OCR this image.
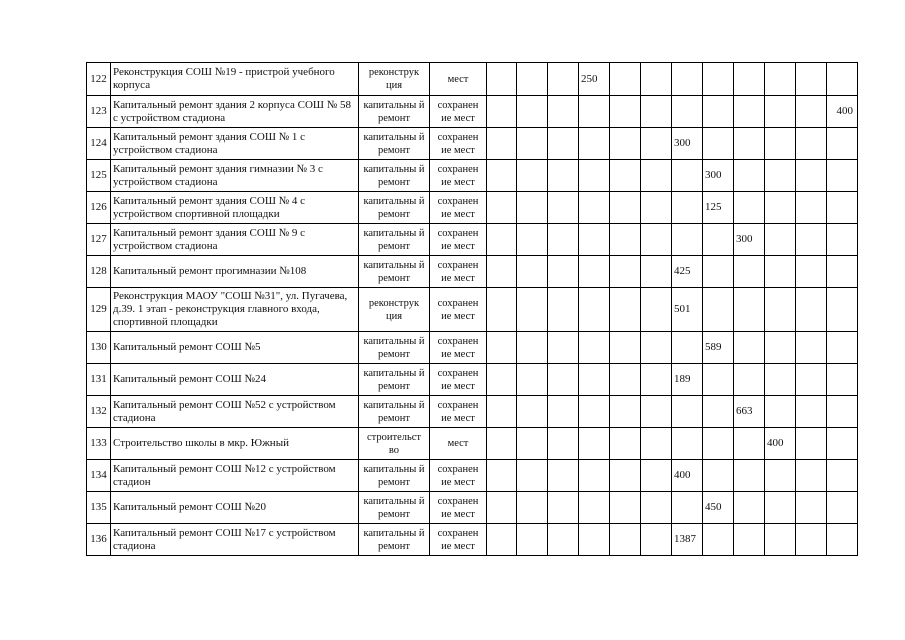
122	Реконструкция СОШ №19 - пристрой учебного корпуса	реконструк ция	мест				250								
123	Капитальный ремонт здания 2 корпуса СОШ № 58 с устройством стадиона	капитальны й ремонт	сохранен ие мест												400
124	Капитальный ремонт здания СОШ № 1 с устройством стадиона	капитальны й ремонт	сохранен ие мест							300					
125	Капитальный ремонт здания гимназии № 3 с устройством стадиона	капитальны й ремонт	сохранен ие мест								300				
126	Капитальный ремонт здания СОШ № 4 с устройством спортивной площадки	капитальны й ремонт	сохранен ие мест								125				
127	Капитальный ремонт здания СОШ № 9 с устройством стадиона	капитальны й ремонт	сохранен ие мест									300			
128	Капитальный ремонт прогимназии №108	капитальны й ремонт	сохранен ие мест							425					
129	Реконструкция МАОУ "СОШ №31", ул. Пугачева, д.39. 1 этап - реконструкция главного входа, спортивной площадки	реконструк ция	сохранен ие мест							501					
130	Капитальный ремонт СОШ №5	капитальны й ремонт	сохранен ие мест								589				
131	Капитальный ремонт СОШ №24	капитальны й ремонт	сохранен ие мест							189					
132	Капитальный ремонт СОШ №52 с устройством стадиона	капитальны й ремонт	сохранен ие мест									663			
133	Строительство школы в мкр. Южный	строительст во	мест										400		
134	Капитальный ремонт СОШ №12 с устройством стадион	капитальны й ремонт	сохранен ие мест							400					
135	Капитальный ремонт СОШ №20	капитальны й ремонт	сохранен ие мест								450				
136	Капитальный ремонт СОШ №17 с устройством стадиона	капитальны й ремонт	сохранен ие мест							1387					
